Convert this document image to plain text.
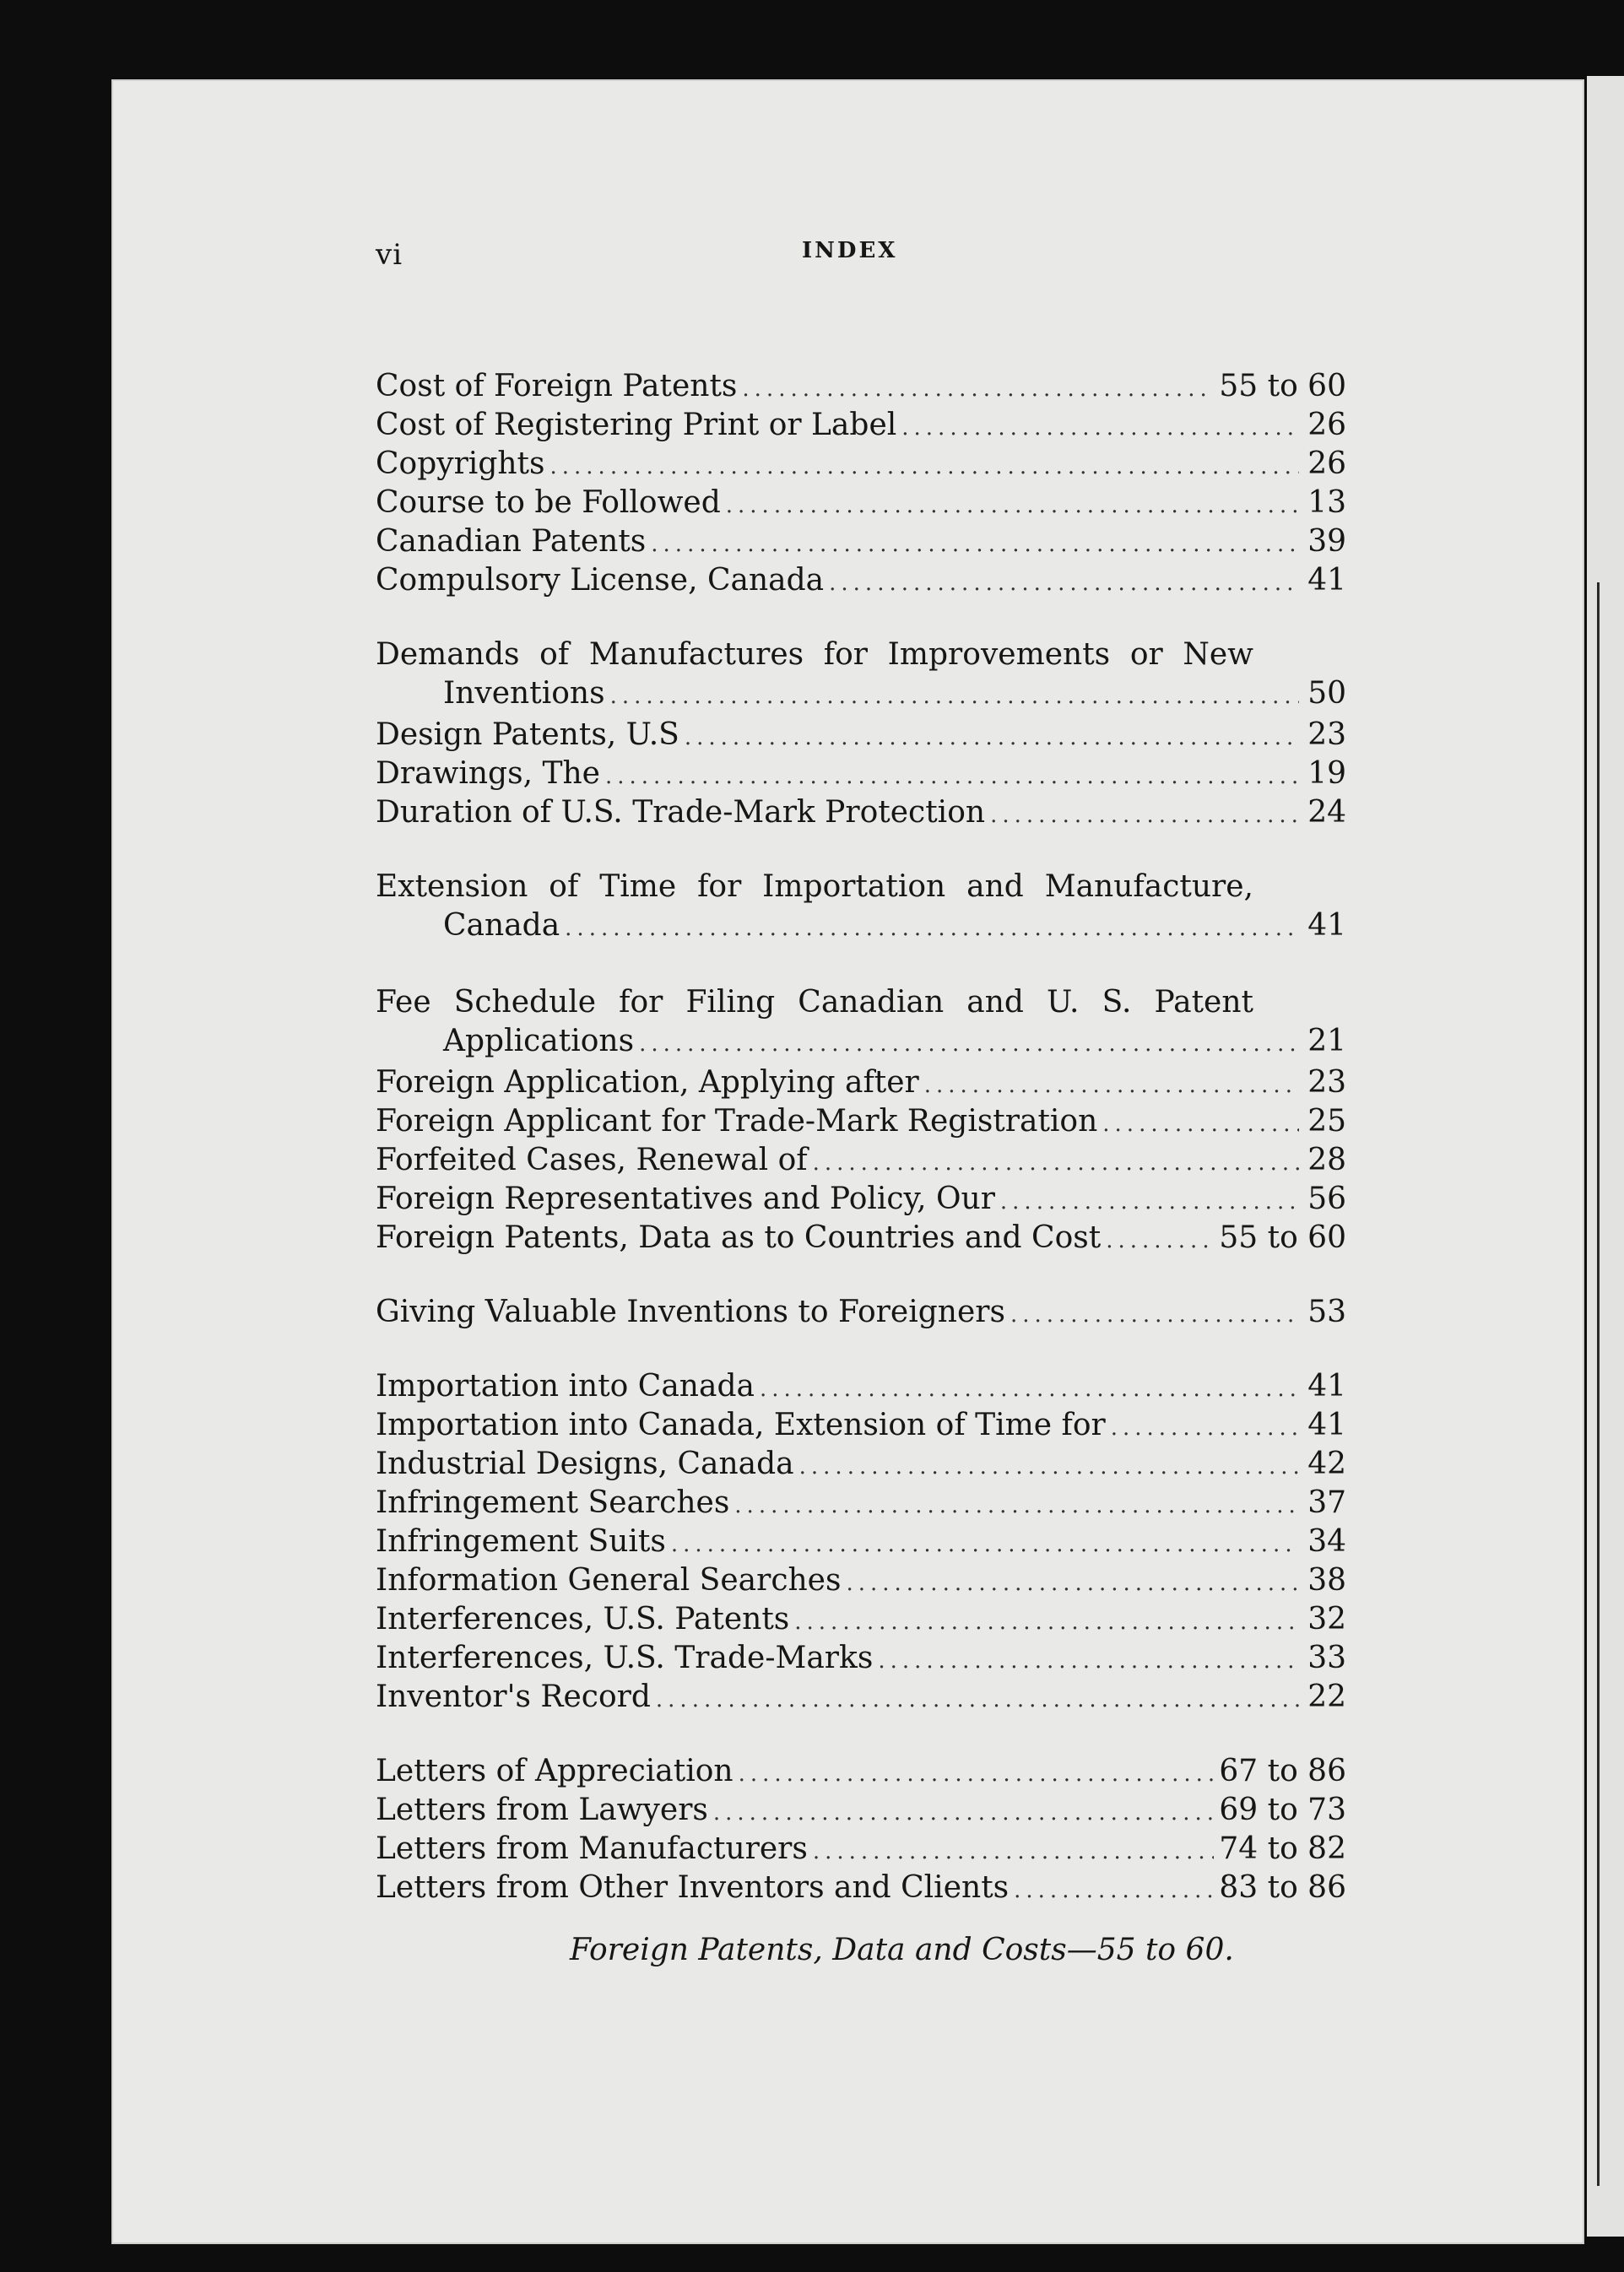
vi	INDEX
Cost of Foreign Patents .....	55 to 60
Cost of Registering Print or Label .....	26
Copyrights .....	26
Course to be Followed .....	13
Canadian Patents .....	39
Compulsory License, Canada .....	41
Demands of Manufactures for Improvements or New
Inventions .....	50
Design Patents, U.S .....	23
Drawings, The .....	19
Duration of U.S. Trade-Mark Protection .....	24
Extension of Time for Importation and Manufacture,
Canada .....	41
Fee Schedule for Filing Canadian and U. S. Patent
Applications .....	21
Foreign Application, Applying after .....	23
Foreign Applicant for Trade-Mark Registration .....	25
Forfeited Cases, Renewal of .....	28
Foreign Representatives and Policy, Our .....	56
Foreign Patents, Data as to Countries and Cost .....	55 to 60
Giving Valuable Inventions to Foreigners .....	53
Importation into Canada .....	41
Importation into Canada, Extension of Time for .....	41
Industrial Designs, Canada .....	42
Infringement Searches .....	37
Infringement Suits .....	34
Information General Searches .....	38
Interferences, U.S. Patents .....	32
Interferences, U.S. Trade-Marks .....	33
Inventor's Record .....	22
Letters of Appreciation .....	67 to 86
Letters from Lawyers .....	69 to 73
Letters from Manufacturers .....	74 to 82
Letters from Other Inventors and Clients .....	83 to 86
Foreign Patents, Data and Costs—55 to 60.
